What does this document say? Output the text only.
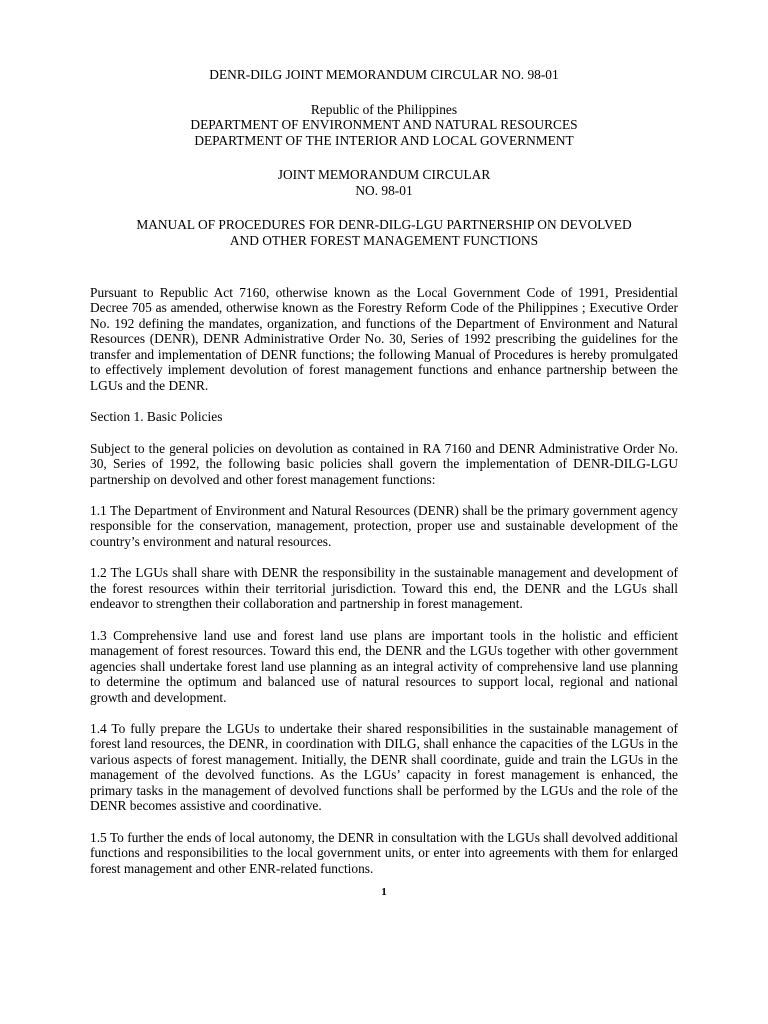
DENR-DILG JOINT MEMORANDUM CIRCULAR NO. 98-01

Republic of the Philippines

DEPARTMENT OF ENVIRONMENT AND NATURAL RESOURCES

DEPARTMENT OF THE INTERIOR AND LOCAL GOVERNMENT

JOINT MEMORANDUM CIRCULAR

NO. 98-01

MANUAL OF PROCEDURES FOR DENR-DILG-LGU PARTNERSHIP ON DEVOLVED

AND OTHER FOREST MANAGEMENT FUNCTIONS

Pursuant to Republic Act 7160, otherwise known as the Local Government Code of 1991, Presidential Decree 705 as amended, otherwise known as the Forestry Reform Code of the Philippines ; Executive Order No. 192 defining the mandates, organization, and functions of the Department of Environment and Natural Resources (DENR), DENR Administrative Order No. 30, Series of 1992 prescribing the guidelines for the transfer and implementation of DENR functions; the following Manual of Procedures is hereby promulgated to effectively implement devolution of forest management functions and enhance partnership between the LGUs and the DENR.

Section 1. Basic Policies

Subject to the general policies on devolution as contained in RA 7160 and DENR Administrative Order No. 30, Series of 1992, the following basic policies shall govern the implementation of DENR-DILG-LGU partnership on devolved and other forest management functions:

1.1 The Department of Environment and Natural Resources (DENR) shall be the primary government agency responsible for the conservation, management, protection, proper use and sustainable development of the country’s environment and natural resources.

1.2 The LGUs shall share with DENR the responsibility in the sustainable management and development of the forest resources within their territorial jurisdiction. Toward this end, the DENR and the LGUs shall endeavor to strengthen their collaboration and partnership in forest management.

1.3 Comprehensive land use and forest land use plans are important tools in the holistic and efficient management of forest resources. Toward this end, the DENR and the LGUs together with other government agencies shall undertake forest land use planning as an integral activity of comprehensive land use planning to determine the optimum and balanced use of natural resources to support local, regional and national growth and development.

1.4 To fully prepare the LGUs to undertake their shared responsibilities in the sustainable management of forest land resources, the DENR, in coordination with DILG, shall enhance the capacities of the LGUs in the various aspects of forest management. Initially, the DENR shall coordinate, guide and train the LGUs in the management of the devolved functions. As the LGUs’ capacity in forest management is enhanced, the primary tasks in the management of devolved functions shall be performed by the LGUs and the role of the DENR becomes assistive and coordinative.

1.5 To further the ends of local autonomy, the DENR in consultation with the LGUs shall devolved additional functions and responsibilities to the local government units, or enter into agreements with them for enlarged forest management and other ENR-related functions.

1
